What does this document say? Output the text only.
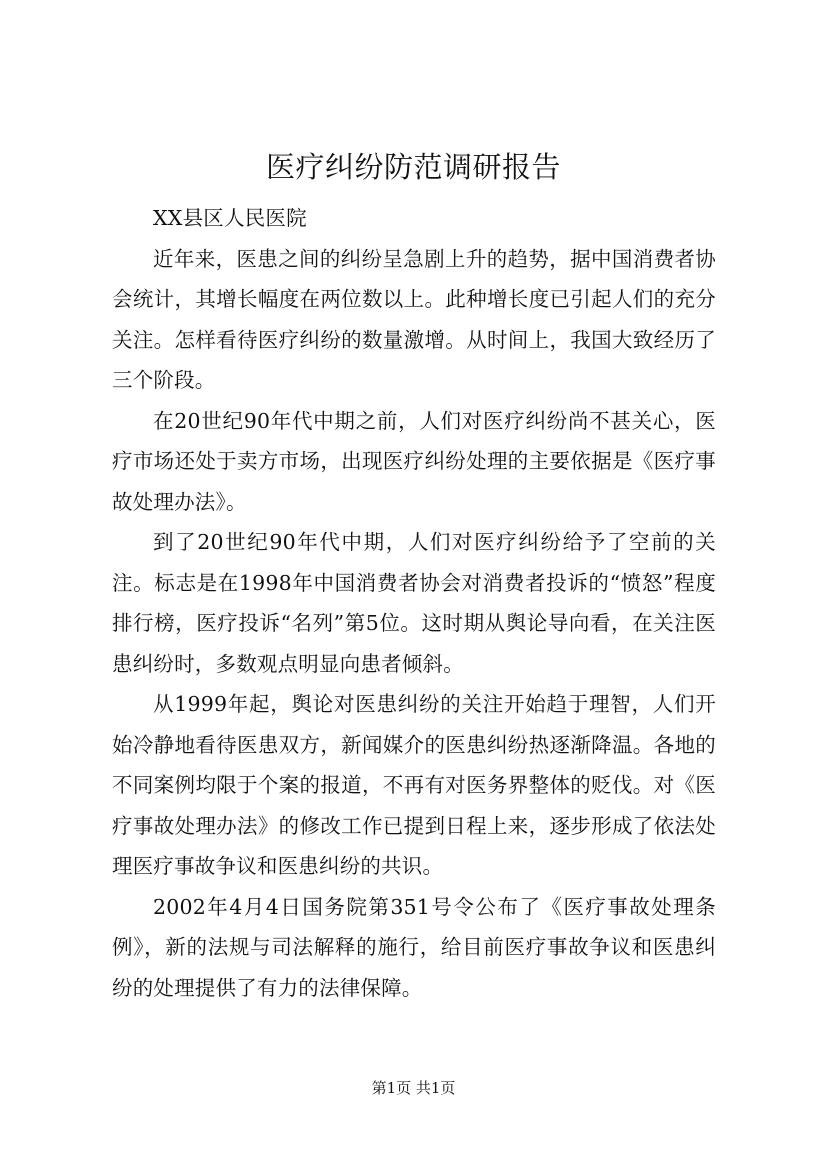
医疗纠纷防范调研报告

XX县区人民医院

近年来，医患之间的纠纷呈急剧上升的趋势，据中国消费者协会统计，其增长幅度在两位数以上。此种增长度已引起人们的充分关注。怎样看待医疗纠纷的数量激增。从时间上，我国大致经历了三个阶段。

在20世纪90年代中期之前，人们对医疗纠纷尚不甚关心，医疗市场还处于卖方市场，出现医疗纠纷处理的主要依据是《医疗事故处理办法》。

到了20世纪90年代中期，人们对医疗纠纷给予了空前的关注。标志是在1998年中国消费者协会对消费者投诉的“愤怒”程度排行榜，医疗投诉“名列”第5位。这时期从舆论导向看，在关注医患纠纷时，多数观点明显向患者倾斜。

从1999年起，舆论对医患纠纷的关注开始趋于理智，人们开始冷静地看待医患双方，新闻媒介的医患纠纷热逐渐降温。各地的不同案例均限于个案的报道，不再有对医务界整体的贬伐。对《医疗事故处理办法》的修改工作已提到日程上来，逐步形成了依法处理医疗事故争议和医患纠纷的共识。

2002年4月4日国务院第351号令公布了《医疗事故处理条例》，新的法规与司法解释的施行，给目前医疗事故争议和医患纠纷的处理提供了有力的法律保障。

第1页 共1页
